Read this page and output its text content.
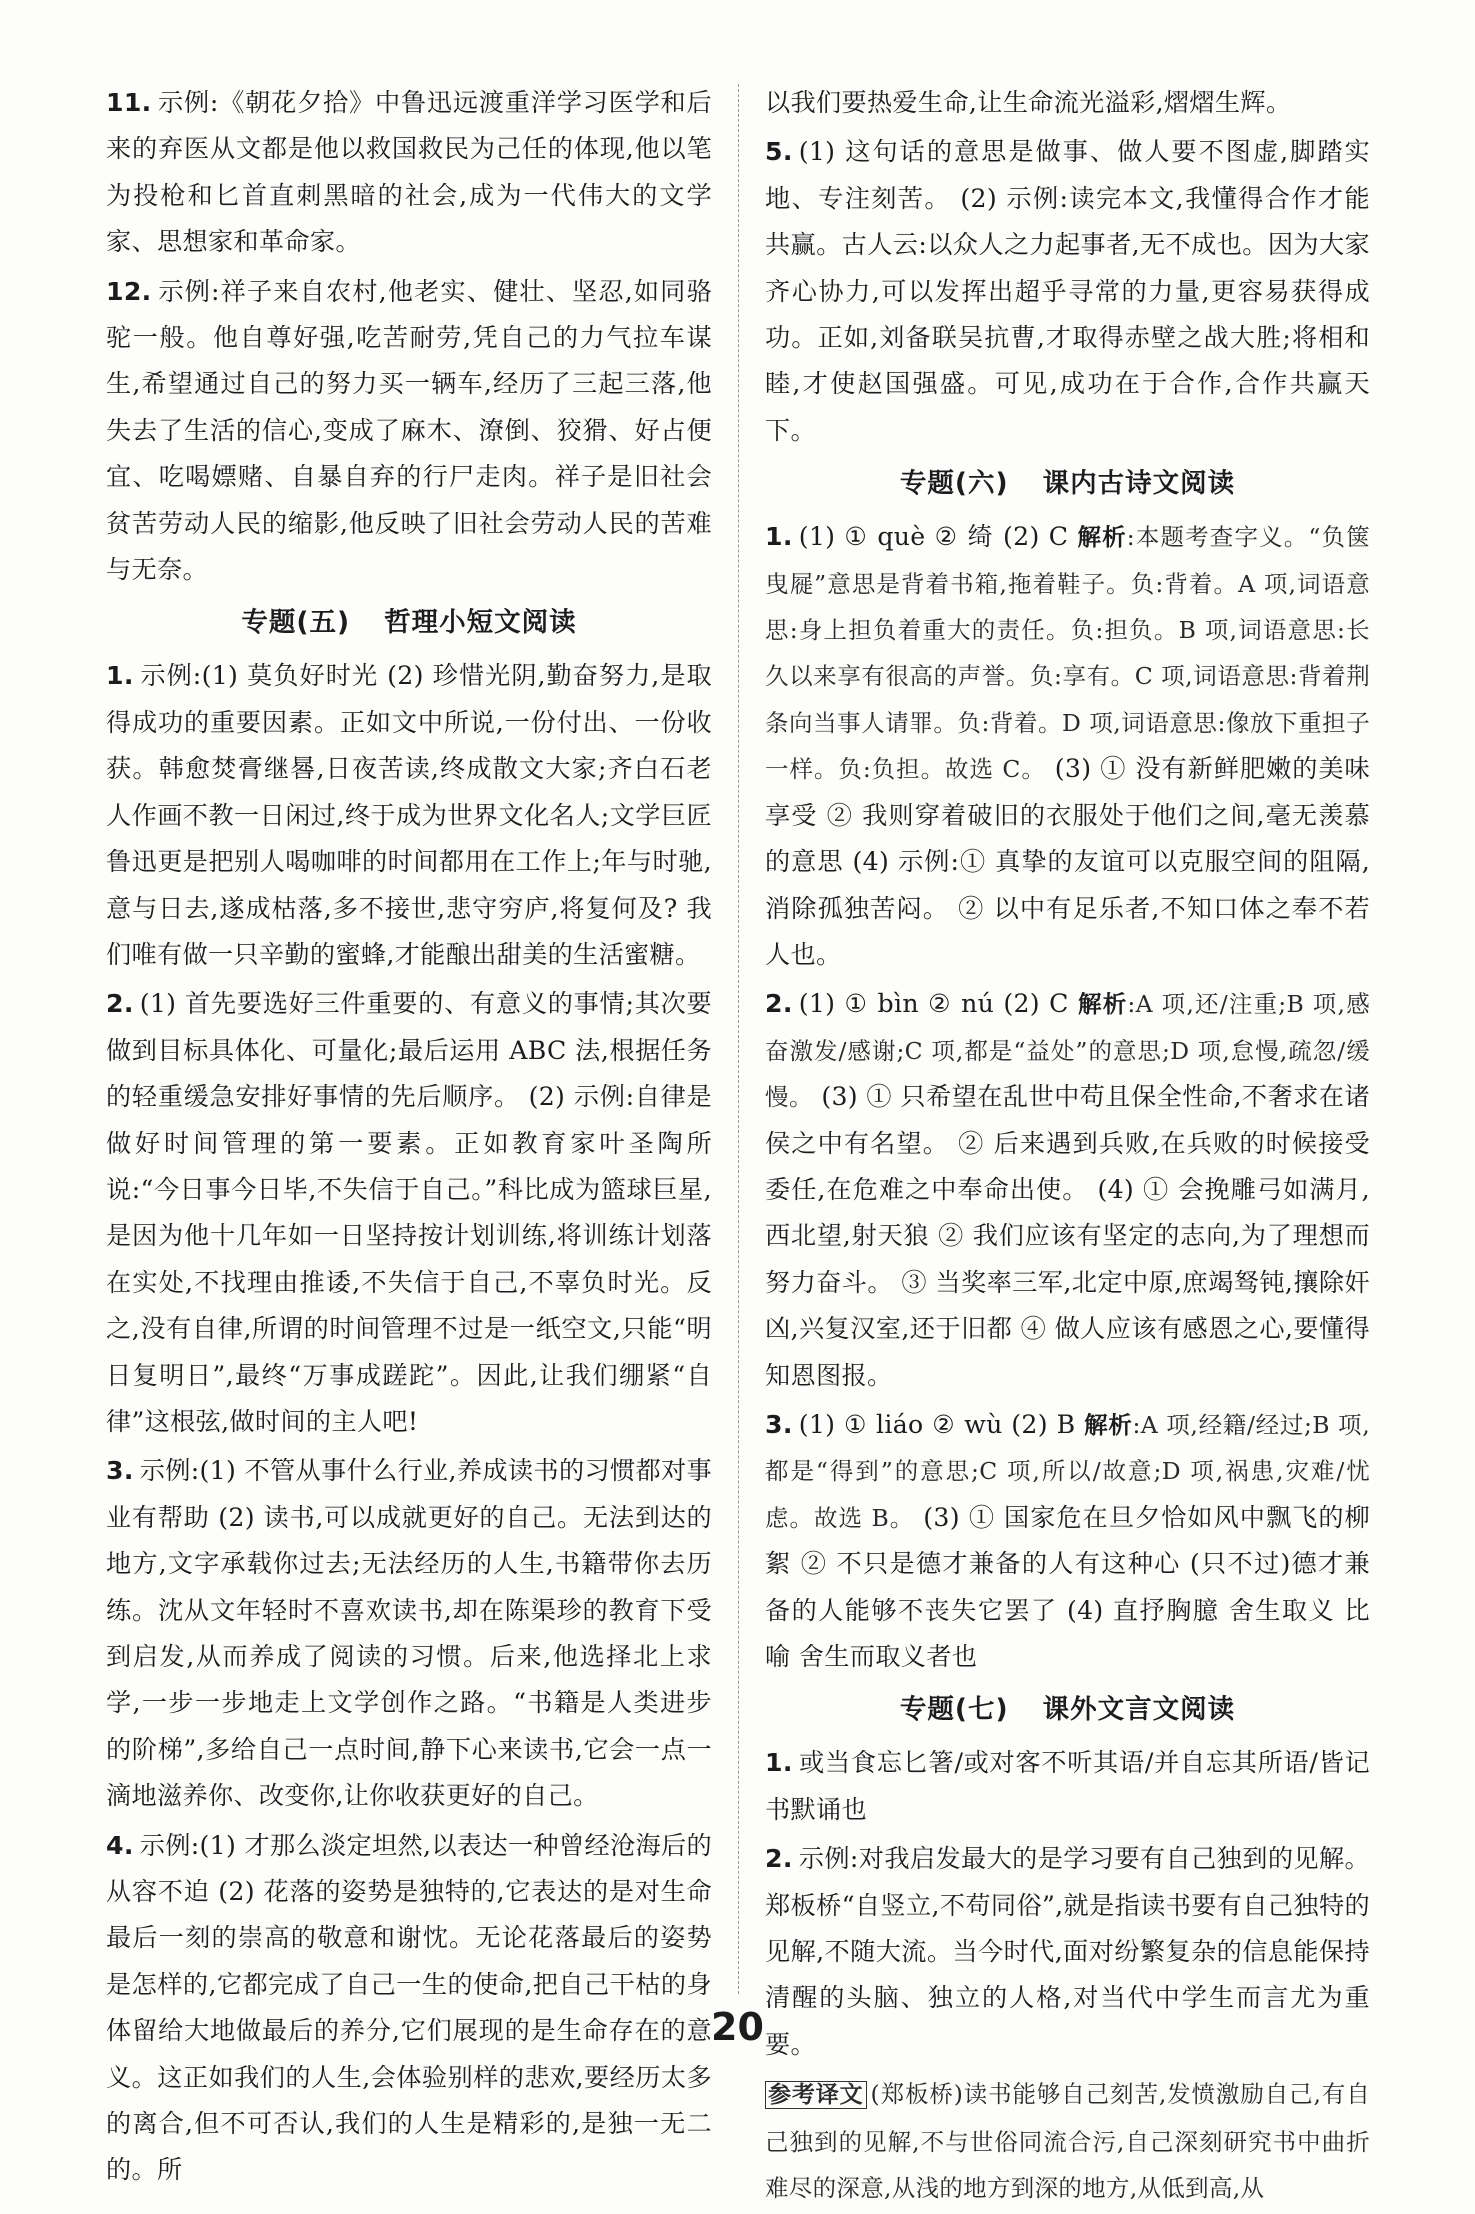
11. 示例:《朝花夕拾》中鲁迅远渡重洋学习医学和后来的弃医从文都是他以救国救民为己任的体现,他以笔为投枪和匕首直刺黑暗的社会,成为一代伟大的文学家、思想家和革命家。

12. 示例:祥子来自农村,他老实、健壮、坚忍,如同骆驼一般。他自尊好强,吃苦耐劳,凭自己的力气拉车谋生,希望通过自己的努力买一辆车,经历了三起三落,他失去了生活的信心,变成了麻木、潦倒、狡猾、好占便宜、吃喝嫖赌、自暴自弃的行尸走肉。祥子是旧社会贫苦劳动人民的缩影,他反映了旧社会劳动人民的苦难与无奈。

专题(五) 哲理小短文阅读

1. 示例:(1) 莫负好时光 (2) 珍惜光阴,勤奋努力,是取得成功的重要因素。正如文中所说,一份付出、一份收获。韩愈焚膏继晷,日夜苦读,终成散文大家;齐白石老人作画不教一日闲过,终于成为世界文化名人;文学巨匠鲁迅更是把别人喝咖啡的时间都用在工作上;年与时驰,意与日去,遂成枯落,多不接世,悲守穷庐,将复何及? 我们唯有做一只辛勤的蜜蜂,才能酿出甜美的生活蜜糖。

2. (1) 首先要选好三件重要的、有意义的事情;其次要做到目标具体化、可量化;最后运用 ABC 法,根据任务的轻重缓急安排好事情的先后顺序。 (2) 示例:自律是做好时间管理的第一要素。正如教育家叶圣陶所说:“今日事今日毕,不失信于自己。”科比成为篮球巨星,是因为他十几年如一日坚持按计划训练,将训练计划落在实处,不找理由推诿,不失信于自己,不辜负时光。反之,没有自律,所谓的时间管理不过是一纸空文,只能“明日复明日”,最终“万事成蹉跎”。因此,让我们绷紧“自律”这根弦,做时间的主人吧!

3. 示例:(1) 不管从事什么行业,养成读书的习惯都对事业有帮助 (2) 读书,可以成就更好的自己。无法到达的地方,文字承载你过去;无法经历的人生,书籍带你去历练。沈从文年轻时不喜欢读书,却在陈渠珍的教育下受到启发,从而养成了阅读的习惯。后来,他选择北上求学,一步一步地走上文学创作之路。“书籍是人类进步的阶梯”,多给自己一点时间,静下心来读书,它会一点一滴地滋养你、改变你,让你收获更好的自己。

4. 示例:(1) 才那么淡定坦然,以表达一种曾经沧海后的从容不迫 (2) 花落的姿势是独特的,它表达的是对生命最后一刻的崇高的敬意和谢忱。无论花落最后的姿势是怎样的,它都完成了自己一生的使命,把自己干枯的身体留给大地做最后的养分,它们展现的是生命存在的意义。这正如我们的人生,会体验别样的悲欢,要经历太多的离合,但不可否认,我们的人生是精彩的,是独一无二的。所

以我们要热爱生命,让生命流光溢彩,熠熠生辉。

5. (1) 这句话的意思是做事、做人要不图虚,脚踏实地、专注刻苦。 (2) 示例:读完本文,我懂得合作才能共赢。古人云:以众人之力起事者,无不成也。因为大家齐心协力,可以发挥出超乎寻常的力量,更容易获得成功。正如,刘备联吴抗曹,才取得赤壁之战大胜;将相和睦,才使赵国强盛。可见,成功在于合作,合作共赢天下。

专题(六) 课内古诗文阅读

1. (1) ① què ② 绮 (2) C 解析:本题考查字义。“负箧曳屣”意思是背着书箱,拖着鞋子。负:背着。A 项,词语意思:身上担负着重大的责任。负:担负。B 项,词语意思:长久以来享有很高的声誉。负:享有。C 项,词语意思:背着荆条向当事人请罪。负:背着。D 项,词语意思:像放下重担子一样。负:负担。故选 C。 (3) ① 没有新鲜肥嫩的美味享受 ② 我则穿着破旧的衣服处于他们之间,毫无羡慕的意思 (4) 示例:① 真挚的友谊可以克服空间的阻隔,消除孤独苦闷。 ② 以中有足乐者,不知口体之奉不若人也。

2. (1) ① bìn ② nú (2) C 解析:A 项,还/注重;B 项,感奋激发/感谢;C 项,都是“益处”的意思;D 项,怠慢,疏忽/缓慢。 (3) ① 只希望在乱世中苟且保全性命,不奢求在诸侯之中有名望。 ② 后来遇到兵败,在兵败的时候接受委任,在危难之中奉命出使。 (4) ① 会挽雕弓如满月,西北望,射天狼 ② 我们应该有坚定的志向,为了理想而努力奋斗。 ③ 当奖率三军,北定中原,庶竭驽钝,攘除奸凶,兴复汉室,还于旧都 ④ 做人应该有感恩之心,要懂得知恩图报。

3. (1) ① liáo ② wù (2) B 解析:A 项,经籍/经过;B 项,都是“得到”的意思;C 项,所以/故意;D 项,祸患,灾难/忧虑。故选 B。 (3) ① 国家危在旦夕恰如风中飘飞的柳絮 ② 不只是德才兼备的人有这种心 (只不过)德才兼备的人能够不丧失它罢了 (4) 直抒胸臆 舍生取义 比喻 舍生而取义者也

专题(七) 课外文言文阅读

1. 或当食忘匕箸/或对客不听其语/并自忘其所语/皆记书默诵也

2. 示例:对我启发最大的是学习要有自己独到的见解。郑板桥“自竖立,不苟同俗”,就是指读书要有自己独特的见解,不随大流。当今时代,面对纷繁复杂的信息能保持清醒的头脑、独立的人格,对当代中学生而言尤为重要。

参考译文 (郑板桥)读书能够自己刻苦,发愤激励自己,有自己独到的见解,不与世俗同流合污,自己深刻研究书中曲折难尽的深意,从浅的地方到深的地方,从低到高,从

20
